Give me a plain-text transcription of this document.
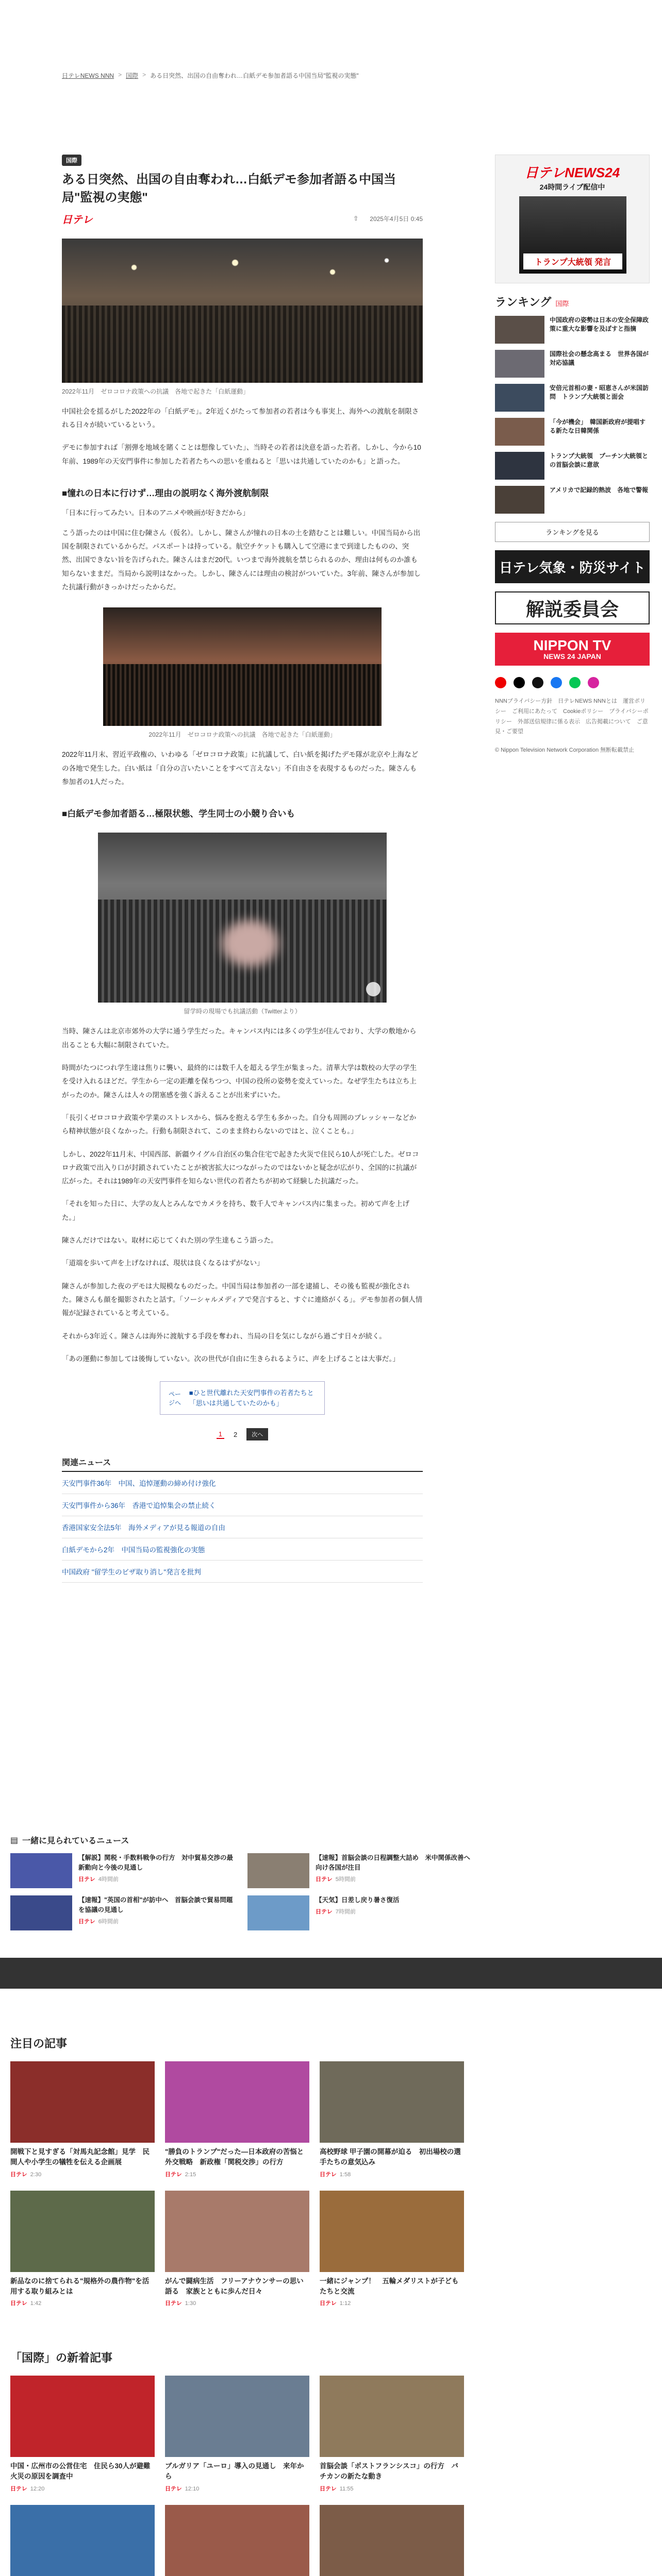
日テレNEWS NNN > 国際 > ある日突然、出国の自由奪われ…白紙デモ参加者語る中国当局"監視の実態"
国際
ある日突然、出国の自由奪われ…白紙デモ参加者語る中国当局"監視の実態"
日テレ	⇧ 2025年4月5日 0:45

2022年11月　ゼロコロナ政策への抗議　各地で起きた「白紙運動」

中国社会を揺るがした2022年の「白紙デモ」。2年近くがたって参加者の若者は今も事実上、海外への渡航を制限される日々が続いているという。

デモに参加すれば「割弾を地域を賭くことは想像していた」、当時その若者は決意を語った若者。しかし、今から10年前、1989年の天安門事件に参加した若者たちへの思いを重ねると「思いは共通していたのかも」と語った。

■憧れの日本に行けず…理由の説明なく海外渡航制限

「日本に行ってみたい。日本のアニメや映画が好きだから」

こう語ったのは中国に住む陳さん（仮名）。しかし、陳さんが憧れの日本の土を踏むことは難しい。中国当局から出国を制限されているからだ。パスポートは持っている。航空チケットも購入して空港にまで到達したものの、突然、出国できない旨を告げられた。陳さんはまだ20代。いつまで海外渡航を禁じられるのか、理由は何ものか誰も知らないままだ。当局から説明はなかった。しかし、陳さんには理由の検討がついていた。3年前、陳さんが参加した抗議行動がきっかけだったからだ。

2022年11月　ゼロコロナ政策への抗議　各地で起きた「白紙運動」

2022年11月末、習近平政権の、いわゆる「ゼロコロナ政策」に抗議して、白い紙を掲げたデモ隊が北京や上海などの各地で発生した。白い紙は「自分の言いたいことをすべて言えない」不自由さを表現するものだった。陳さんも参加者の1人だった。

■白紙デモ参加者語る…極限状態、学生同士の小競り合いも

留学時の現場でも抗議活動（Twitterより）

当時、陳さんは北京市郊外の大学に通う学生だった。キャンパス内には多くの学生が住んでおり、大学の敷地から出ることも大幅に制限されていた。

時間がたつにつれ学生達は焦りに襲い、最終的には数千人を超える学生が集まった。清華大学は数校の大学の学生を受け入れるほどだ。学生から一定の距離を保ちつつ、中国の役所の姿勢を変えていった。なぜ学生たちは立ち上がったのか。陳さんは人々の閉塞感を強く訴えることが出来ずにいた。

「長引くゼロコロナ政策や学業のストレスから、悩みを抱える学生も多かった。自分も周囲のプレッシャーなどから精神状態が良くなかった。行動も制限されて、このまま終わらないのではと、泣くことも。」

しかし、2022年11月末、中国西部、新疆ウイグル自治区の集合住宅で起きた火災で住民ら10人が死亡した。ゼロコロナ政策で出入り口が封鎖されていたことが被害拡大につながったのではないかと疑念が広がり、全国的に抗議が広がった。それは1989年の天安門事件を知らない世代の若者たちが初めて経験した抗議だった。

「それを知った日に、大学の友人とみんなでカメラを持ち、数千人でキャンパス内に集まった。初めて声を上げた。」

陳さんだけではない。取材に応じてくれた別の学生達もこう語った。

「道端を歩いて声を上げなければ、現状は良くなるはずがない」

陳さんが参加した夜のデモは大規模なものだった。中国当局は参加者の一部を逮捕し、その後も監視が強化された。陳さんも顔を撮影されたと話す。「ソーシャルメディアで発言すると、すぐに連絡がくる」。デモ参加者の個人情報が記録されていると考えている。

それから3年近く。陳さんは海外に渡航する手段を奪われ、当局の目を気にしながら過ごす日々が続く。

「あの運動に参加しては後悔していない。次の世代が自由に生きられるように、声を上げることは大事だ。」

ページへ
■ひと世代離れた天安門事件の若者たちと「思いは共通していたのかも」
1	2	次へ
関連ニュース
天安門事件36年　中国、追悼運動の締め付け強化
天安門事件から36年　香港で追悼集会の禁止続く
香港国家安全法5年　海外メディアが見る報道の自由
白紙デモから2年　中国当局の監視強化の実態
中国政府 "留学生のビザ取り消し"発言を批判
日テレNEWS24
24時間ライブ配信中
トランプ大統領 発言
ランキング 国際
中国政府の姿勢は日本の安全保障政策に重大な影響を及ぼすと指摘
国際社会の懸念高まる　世界各国が対応協議
安倍元首相の妻・昭恵さんが米国訪問　トランプ大統領と面会
「今が機会」　韓国新政府が提唱する新たな日韓関係
トランプ大統領　プーチン大統領との首脳会談に意欲
アメリカで記録的熱波　各地で警報
ランキングを見る
日テレ気象・防災サイト
解説委員会
NIPPON TV
NEWS 24 JAPAN
NNNプライバシー方針　日テレNEWS NNNとは　運営ポリシー　ご利用にあたって　Cookieポリシー　プライバシーポリシー　外部送信規律に係る表示　広告掲載について　ご意見・ご要望
© Nippon Television Network Corporation 無断転載禁止
▤ 一緒に見られているニュース
【解説】関税・手数料戦争の行方　対中貿易交渉の最新動向と今後の見通し
日テレ 4時間前
【速報】首脳会談の日程調整大詰め　米中関係改善へ向け各国が注目
日テレ 5時間前
【速報】"英国の首相"が訪中へ　首脳会談で貿易問題を協議の見通し
日テレ 6時間前
【天気】日差し戻り暑さ復活
日テレ 7時間前
注目の記事
開戦下と見すぎる「対馬丸記念館」見学　民間人や小学生の犠牲を伝える企画展
日テレ 2:30
"勝負のトランプ"だった―日本政府の苦悩と外交戦略　新政権「関税交渉」の行方
日テレ 2:15
高校野球 甲子園の開幕が迫る　初出場校の選手たちの意気込み
日テレ 1:58
新品なのに捨てられる"規格外の農作物"を活用する取り組みとは
日テレ 1:42
がんで闘病生活　フリーアナウンサーの思い語る　家族とともに歩んだ日々
日テレ 1:30
一緒にジャンプ！　五輪メダリストが子どもたちと交流
日テレ 1:12
「国際」の新着記事
中国・広州市の公営住宅　住民ら30人が避難　火災の原因を調査中
日テレ 12:20
ブルガリア「ユーロ」導入の見通し　来年から
日テレ 12:10
首脳会談「ポストフランシスコ」の行方　バチカンの新たな動き
日テレ 11:55
